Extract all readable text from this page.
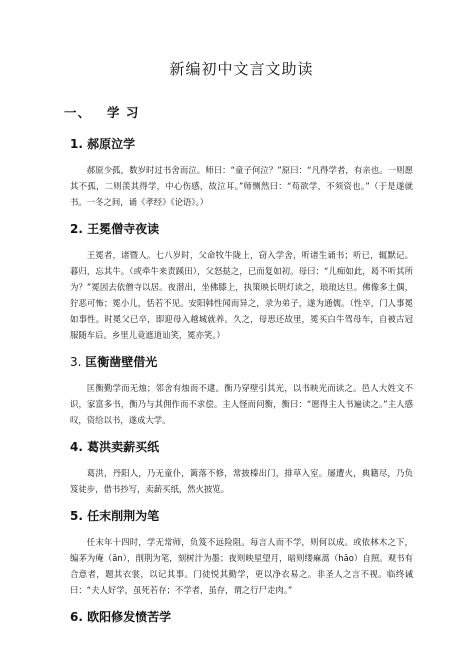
新编初中文言文助读
一、 学 习
1. 郝原泣学

郝原少孤，数岁时过书舍而泣。师曰：“童子何泣？”原曰：“凡得学者，有亲也。一则愿其不孤，二则羡其得学，中心伤感，故泣耳。”师恻然曰：“苟欲学，不须资也。”（于是遂就书。一冬之间，诵《孝经》《论语》。）

2. 王冕僧寺夜读

王冕者，诸暨人。七八岁时，父命牧牛陇上，窃入学舍，听诸生诵书；听已，辄默记。暮归，忘其牛。（或牵牛来责蹊田），父怒挞之，已而复如初。母曰：“儿痴如此，曷不听其所为？”冕因去依僧寺以居。夜潜出，坐佛膝上，执策映长明灯读之，琅琅达旦。佛像多土偶，狞恶可怖；冕小儿，恬若不见。安阳韩性闻而异之，录为弟子，遂为通儒。（性卒，门人事冕如事性。时冕父已卒，即迎母入越城就养。久之，母思还故里，冕买白牛驾母车，自被古冠服随车后。乡里儿竟遮道讪笑，冕亦笑。）

3. 匡衡凿壁借光

匡衡勤学而无烛；邻舍有烛而不逮。衡乃穿壁引其光，以书映光而读之。邑人大姓文不识，家富多书，衡乃与其佣作而不求偿。主人怪而问衡，衡曰：“愿得主人书遍读之。”主人感叹，资给以书，遂成大学。

4. 葛洪卖薪买纸

葛洪，丹阳人，乃无童仆，篱落不修，常披榛出门，排草入室。屡遭火，典籍尽，乃负笈徒步，借书抄写，卖薪买纸，然火披览。

5. 任末削荆为笔

任末年十四时，学无常师，负笈不远险阻。每言人而不学，则何以成。或依林木之下，编茅为庵（ān），削荆为笔，刻树汁为墨；夜则映星望月，暗则缕麻蒿（hāo）自照。观书有合意者，题其衣裳，以记其事。门徒悦其勤学，更以净衣易之。非圣人之言不视。临终诫曰：“夫人好学，虽死若存；不学者，虽存，谓之行尸走肉。”

6. 欧阳修发愤苦学
